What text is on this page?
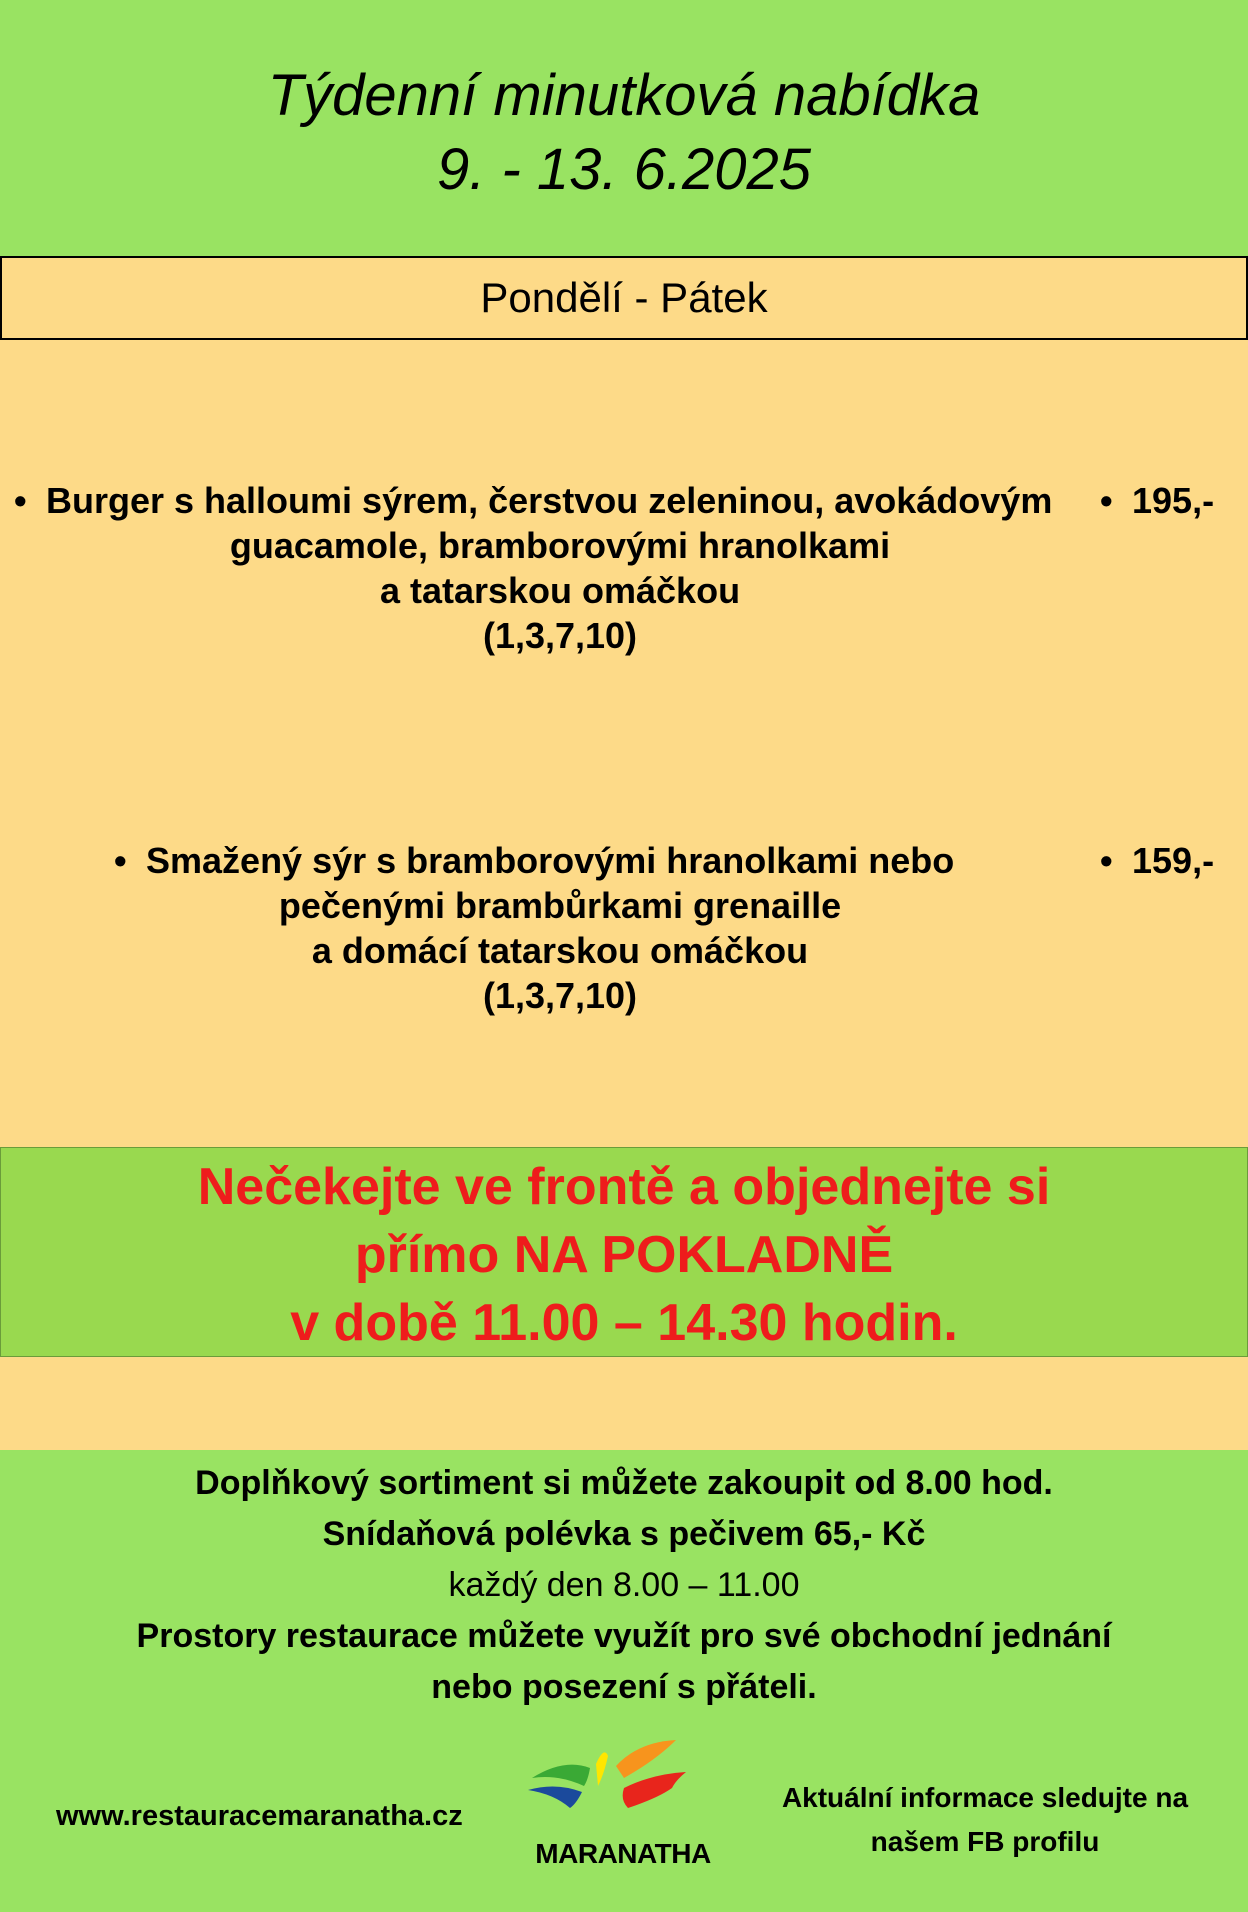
Týdenní minutková nabídka
9. - 13. 6.2025
Pondělí - Pátek
• Burger s halloumi sýrem, čerstvou zeleninou, avokádovým
guacamole, bramborovými hranolkami
a tatarskou omáčkou
(1,3,7,10)
• 195,-
• Smažený sýr s bramborovými hranolkami nebo
pečenými brambůrkami grenaille
a domácí tatarskou omáčkou
(1,3,7,10)
• 159,-
Nečekejte ve frontě a objednejte si
přímo NA POKLADNĚ
v době 11.00 – 14.30 hodin.
Doplňkový sortiment si můžete zakoupit od 8.00 hod.
Snídaňová polévka s pečivem 65,- Kč
každý den 8.00 – 11.00
Prostory restaurace můžete využít pro své obchodní jednání
nebo posezení s přáteli.
www.restauracemaranatha.cz
MARANATHA
Aktuální informace sledujte na
našem FB profilu
